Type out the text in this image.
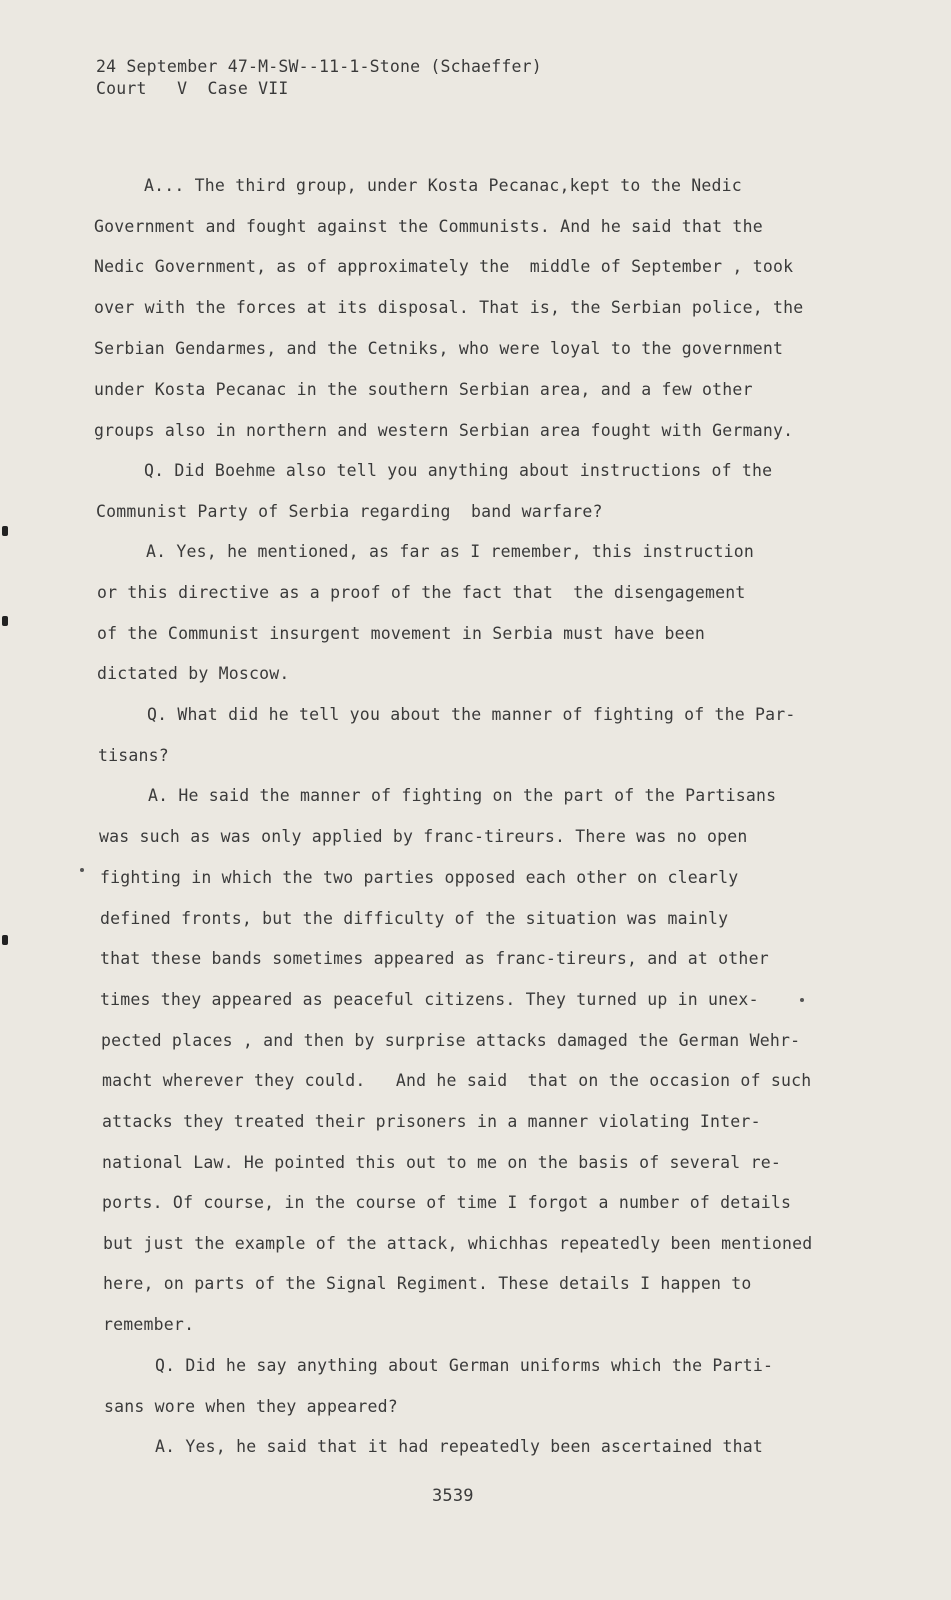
24 September 47-M-SW--11-1-Stone (Schaeffer)
Court   V  Case VII
A... The third group, under Kosta Pecanac,kept to the Nedic
Government and fought against the Communists. And he said that the
Nedic Government, as of approximately the  middle of September , took
over with the forces at its disposal. That is, the Serbian police, the
Serbian Gendarmes, and the Cetniks, who were loyal to the government
under Kosta Pecanac in the southern Serbian area, and a few other
groups also in northern and western Serbian area fought with Germany.
Q. Did Boehme also tell you anything about instructions of the
Communist Party of Serbia regarding  band warfare?
A. Yes, he mentioned, as far as I remember, this instruction
or this directive as a proof of the fact that  the disengagement
of the Communist insurgent movement in Serbia must have been
dictated by Moscow.
Q. What did he tell you about the manner of fighting of the Par-
tisans?
A. He said the manner of fighting on the part of the Partisans
was such as was only applied by franc-tireurs. There was no open
fighting in which the two parties opposed each other on clearly
defined fronts, but the difficulty of the situation was mainly
that these bands sometimes appeared as franc-tireurs, and at other
times they appeared as peaceful citizens. They turned up in unex-
pected places , and then by surprise attacks damaged the German Wehr-
macht wherever they could.   And he said  that on the occasion of such
attacks they treated their prisoners in a manner violating Inter-
national Law. He pointed this out to me on the basis of several re-
ports. Of course, in the course of time I forgot a number of details
but just the example of the attack, whichhas repeatedly been mentioned
here, on parts of the Signal Regiment. These details I happen to
remember.
Q. Did he say anything about German uniforms which the Parti-
sans wore when they appeared?
A. Yes, he said that it had repeatedly been ascertained that
3539
